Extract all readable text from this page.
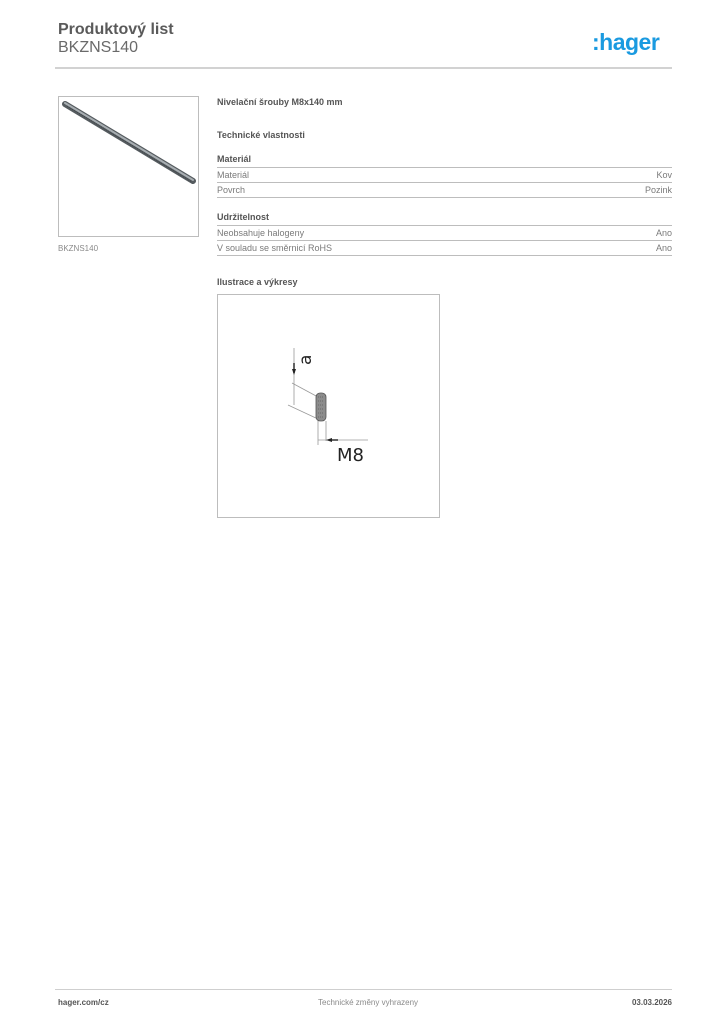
Produktový list
BKZNS140	:hager
BKZNS140
Nivelační šrouby M8x140 mm
Technické vlastnosti
Materiál
Materiál	Kov
Povrch	Pozink
Udržitelnost
Neobsahuje halogeny	Ano
V souladu se směrnicí RoHS	Ano
Ilustrace a výkresy
a
M8
hager.com/cz	Technické změny vyhrazeny	03.03.2026
